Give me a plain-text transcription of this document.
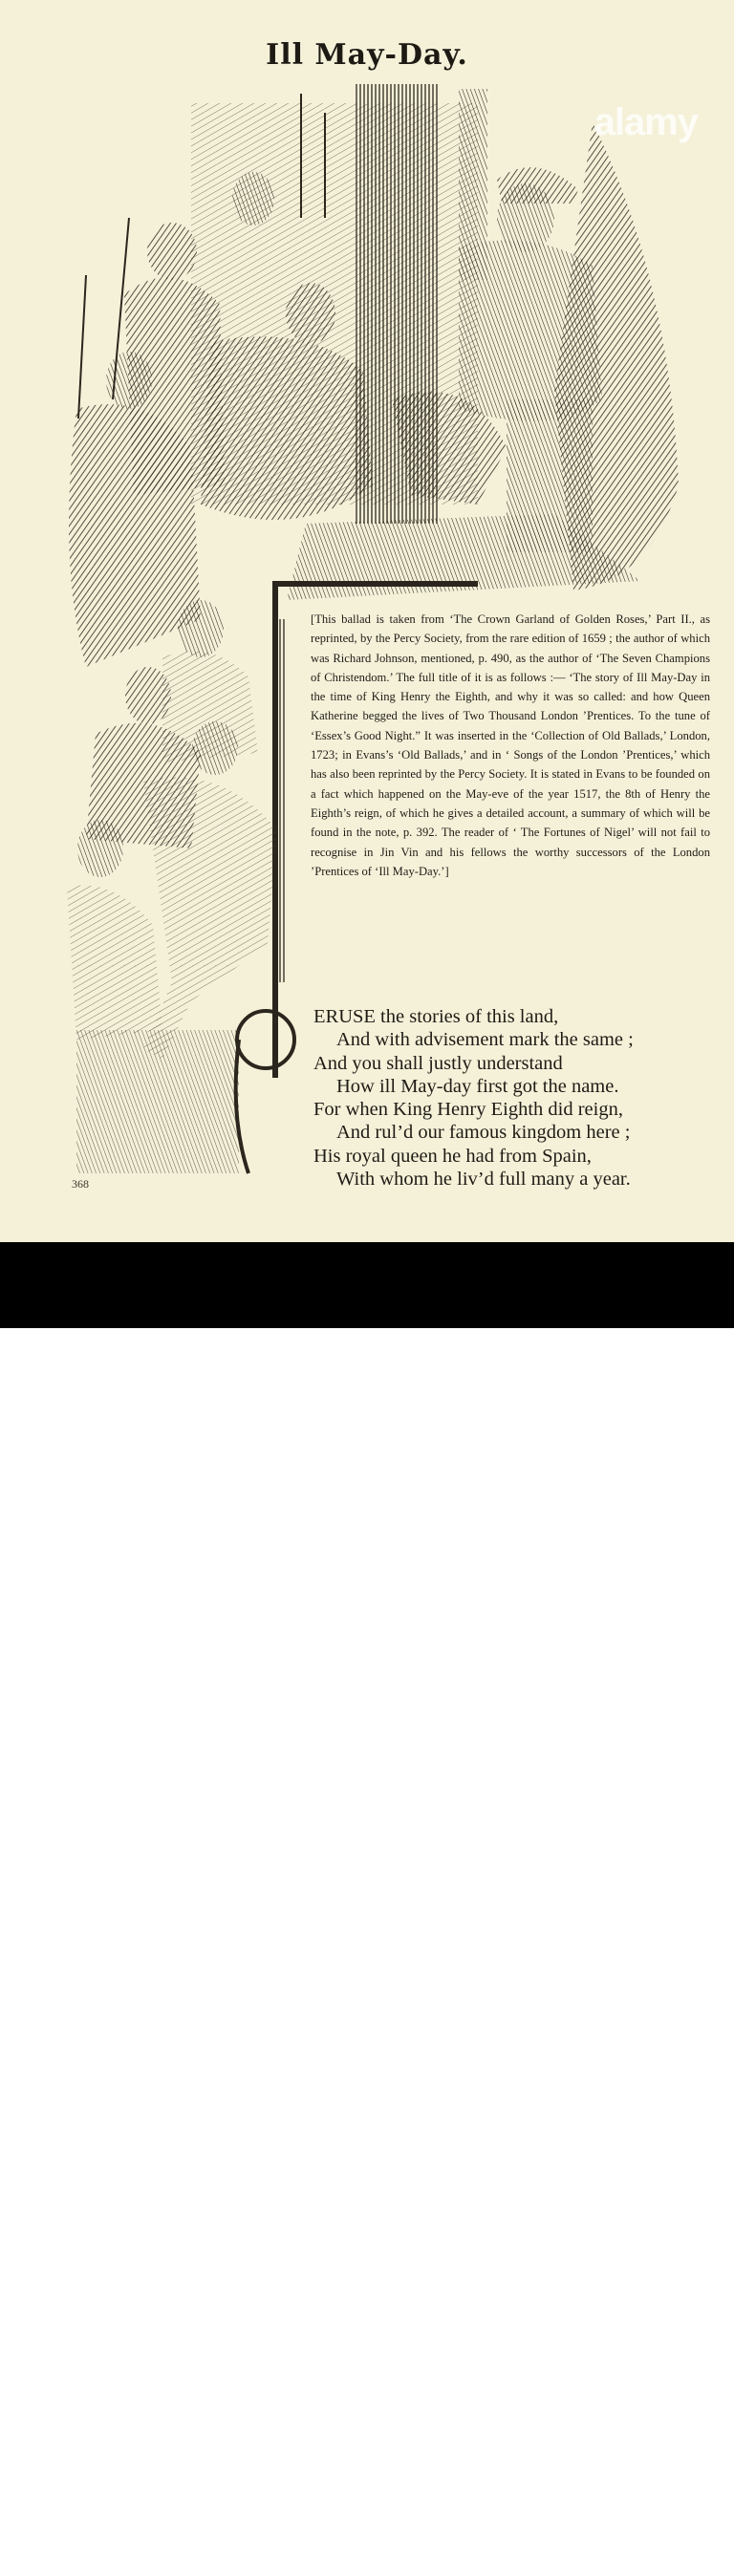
Ill May-Day.
alamy

[This ballad is taken from ‘The Crown Garland of Golden Roses,’ Part II., as reprinted, by the Percy Society, from the rare edition of 1659 ; the author of which was Richard Johnson, mentioned, p. 490, as the author of ‘The Seven Champions of Christendom.’ The full title of it is as follows :— ‘The story of Ill May-Day in the time of King Henry the Eighth, and why it was so called: and how Queen Katherine begged the lives of Two Thousand London ’Prentices. To the tune of ‘Essex’s Good Night.” It was inserted in the ‘Collection of Old Ballads,’ London, 1723; in Evans’s ‘Old Ballads,’ and in ‘ Songs of the London ’Prentices,’ which has also been reprinted by the Percy Society. It is stated in Evans to be founded on a fact which happened on the May-eve of the year 1517, the 8th of Henry the Eighth’s reign, of which he gives a detailed account, a summary of which will be found in the note, p. 392. The reader of ‘ The Fortunes of Nigel’ will not fail to recognise in Jin Vin and his fellows the worthy successors of the London ’Prentices of ‘Ill May-Day.’]

ERUSE the stories of this land,
And with advisement mark the same ;
And you shall justly understand
How ill May-day first got the name.
For when King Henry Eighth did reign,
And rul’d our famous kingdom here ;
His royal queen he had from Spain,
With whom he liv’d full many a year.
368
alamy	www.alamy.com - HBN9RP
